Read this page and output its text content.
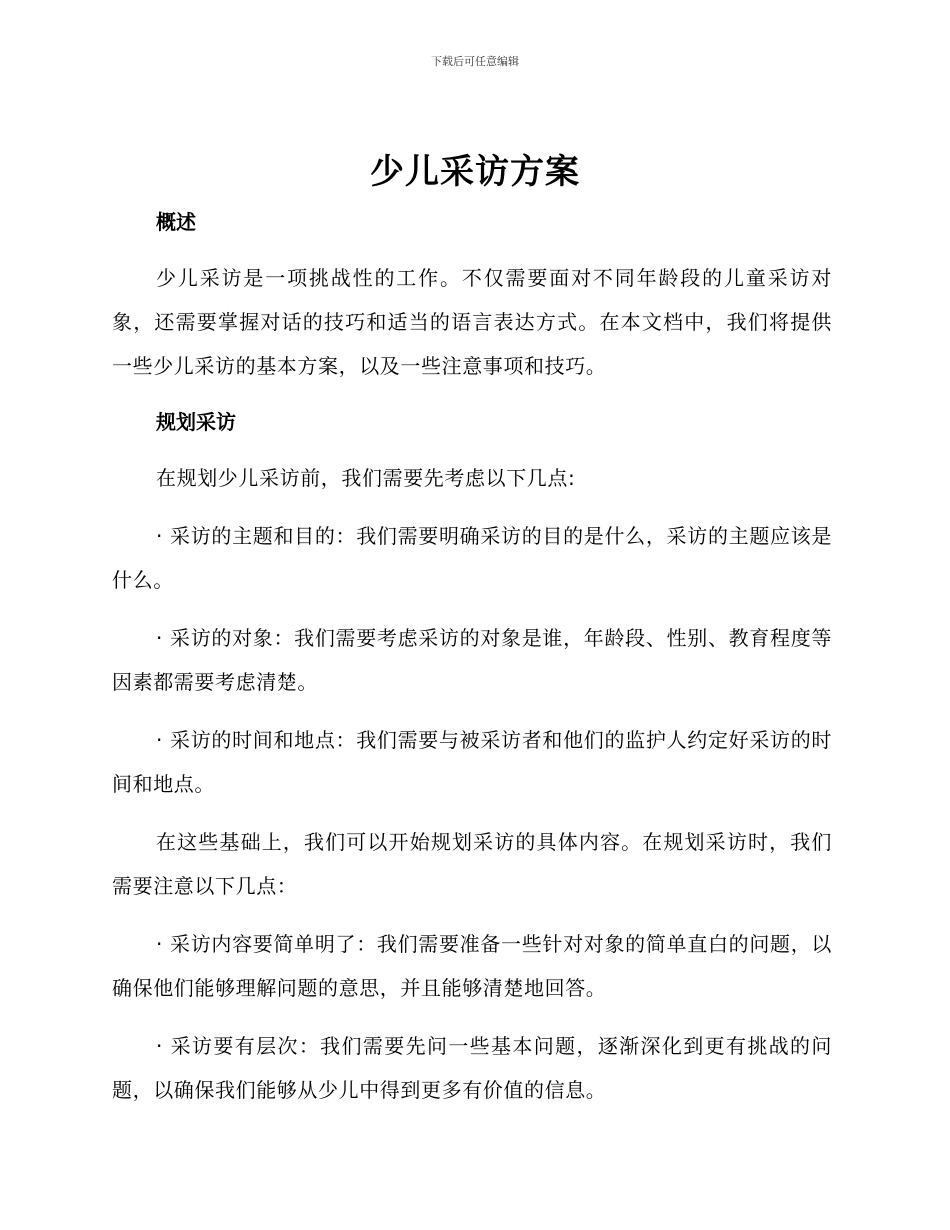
下载后可任意编辑
少儿采访方案

概述

少儿采访是一项挑战性的工作。不仅需要面对不同年龄段的儿童采访对象，还需要掌握对话的技巧和适当的语言表达方式。在本文档中，我们将提供一些少儿采访的基本方案，以及一些注意事项和技巧。

规划采访

在规划少儿采访前，我们需要先考虑以下几点:

· 采访的主题和目的：我们需要明确采访的目的是什么，采访的主题应该是什么。

· 采访的对象：我们需要考虑采访的对象是谁，年龄段、性别、教育程度等因素都需要考虑清楚。

· 采访的时间和地点：我们需要与被采访者和他们的监护人约定好采访的时间和地点。

在这些基础上，我们可以开始规划采访的具体内容。在规划采访时，我们需要注意以下几点：

· 采访内容要简单明了：我们需要准备一些针对对象的简单直白的问题，以确保他们能够理解问题的意思，并且能够清楚地回答。

· 采访要有层次：我们需要先问一些基本问题，逐渐深化到更有挑战的问题，以确保我们能够从少儿中得到更多有价值的信息。
